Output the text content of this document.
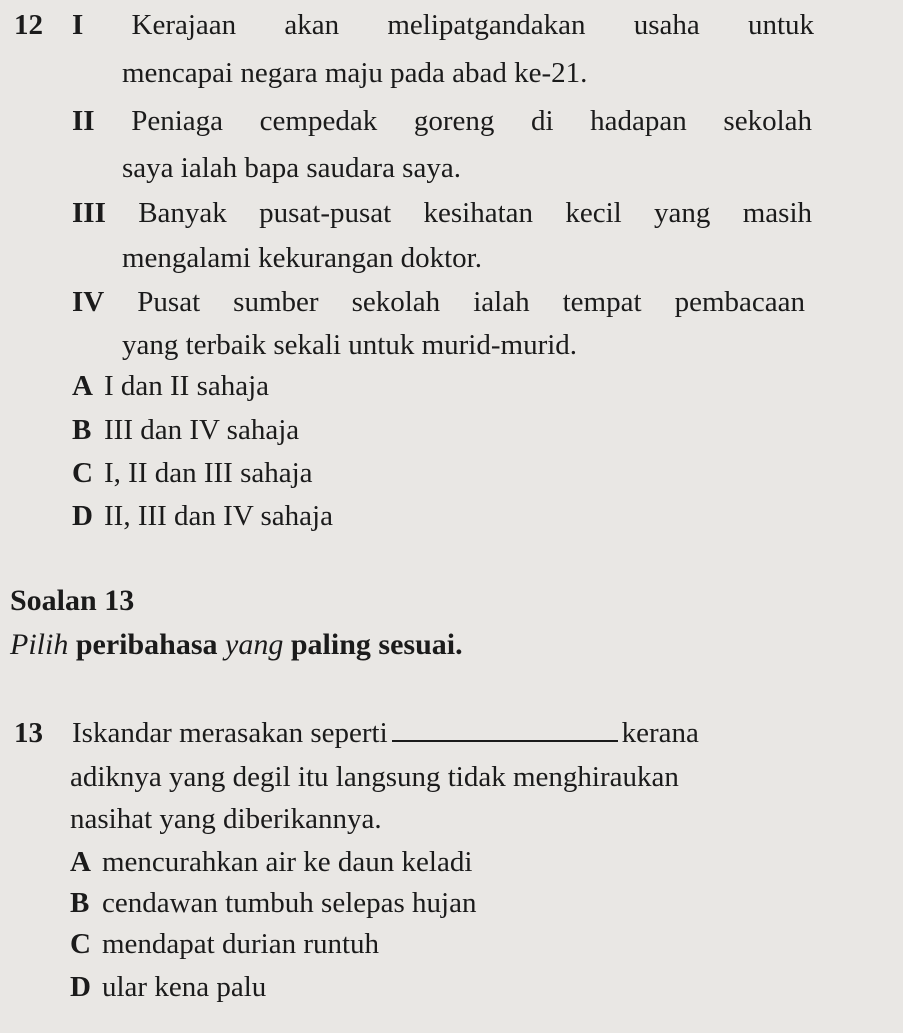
12 I Kerajaan akan melipatgandakan usaha untuk
mencapai negara maju pada abad ke-21.
II Peniaga cempedak goreng di hadapan sekolah
saya ialah bapa saudara saya.
III Banyak pusat-pusat kesihatan kecil yang masih
mengalami kekurangan doktor.
IV Pusat sumber sekolah ialah tempat pembacaan
yang terbaik sekali untuk murid-murid.
A I dan II sahaja
B III dan IV sahaja
C I, II dan III sahaja
D II, III dan IV sahaja
Soalan 13
Pilih peribahasa yang paling sesuai.
13 Iskandar merasakan seperti	kerana
adiknya yang degil itu langsung tidak menghiraukan
nasihat yang diberikannya.
A mencurahkan air ke daun keladi
B cendawan tumbuh selepas hujan
C mendapat durian runtuh
D ular kena palu
